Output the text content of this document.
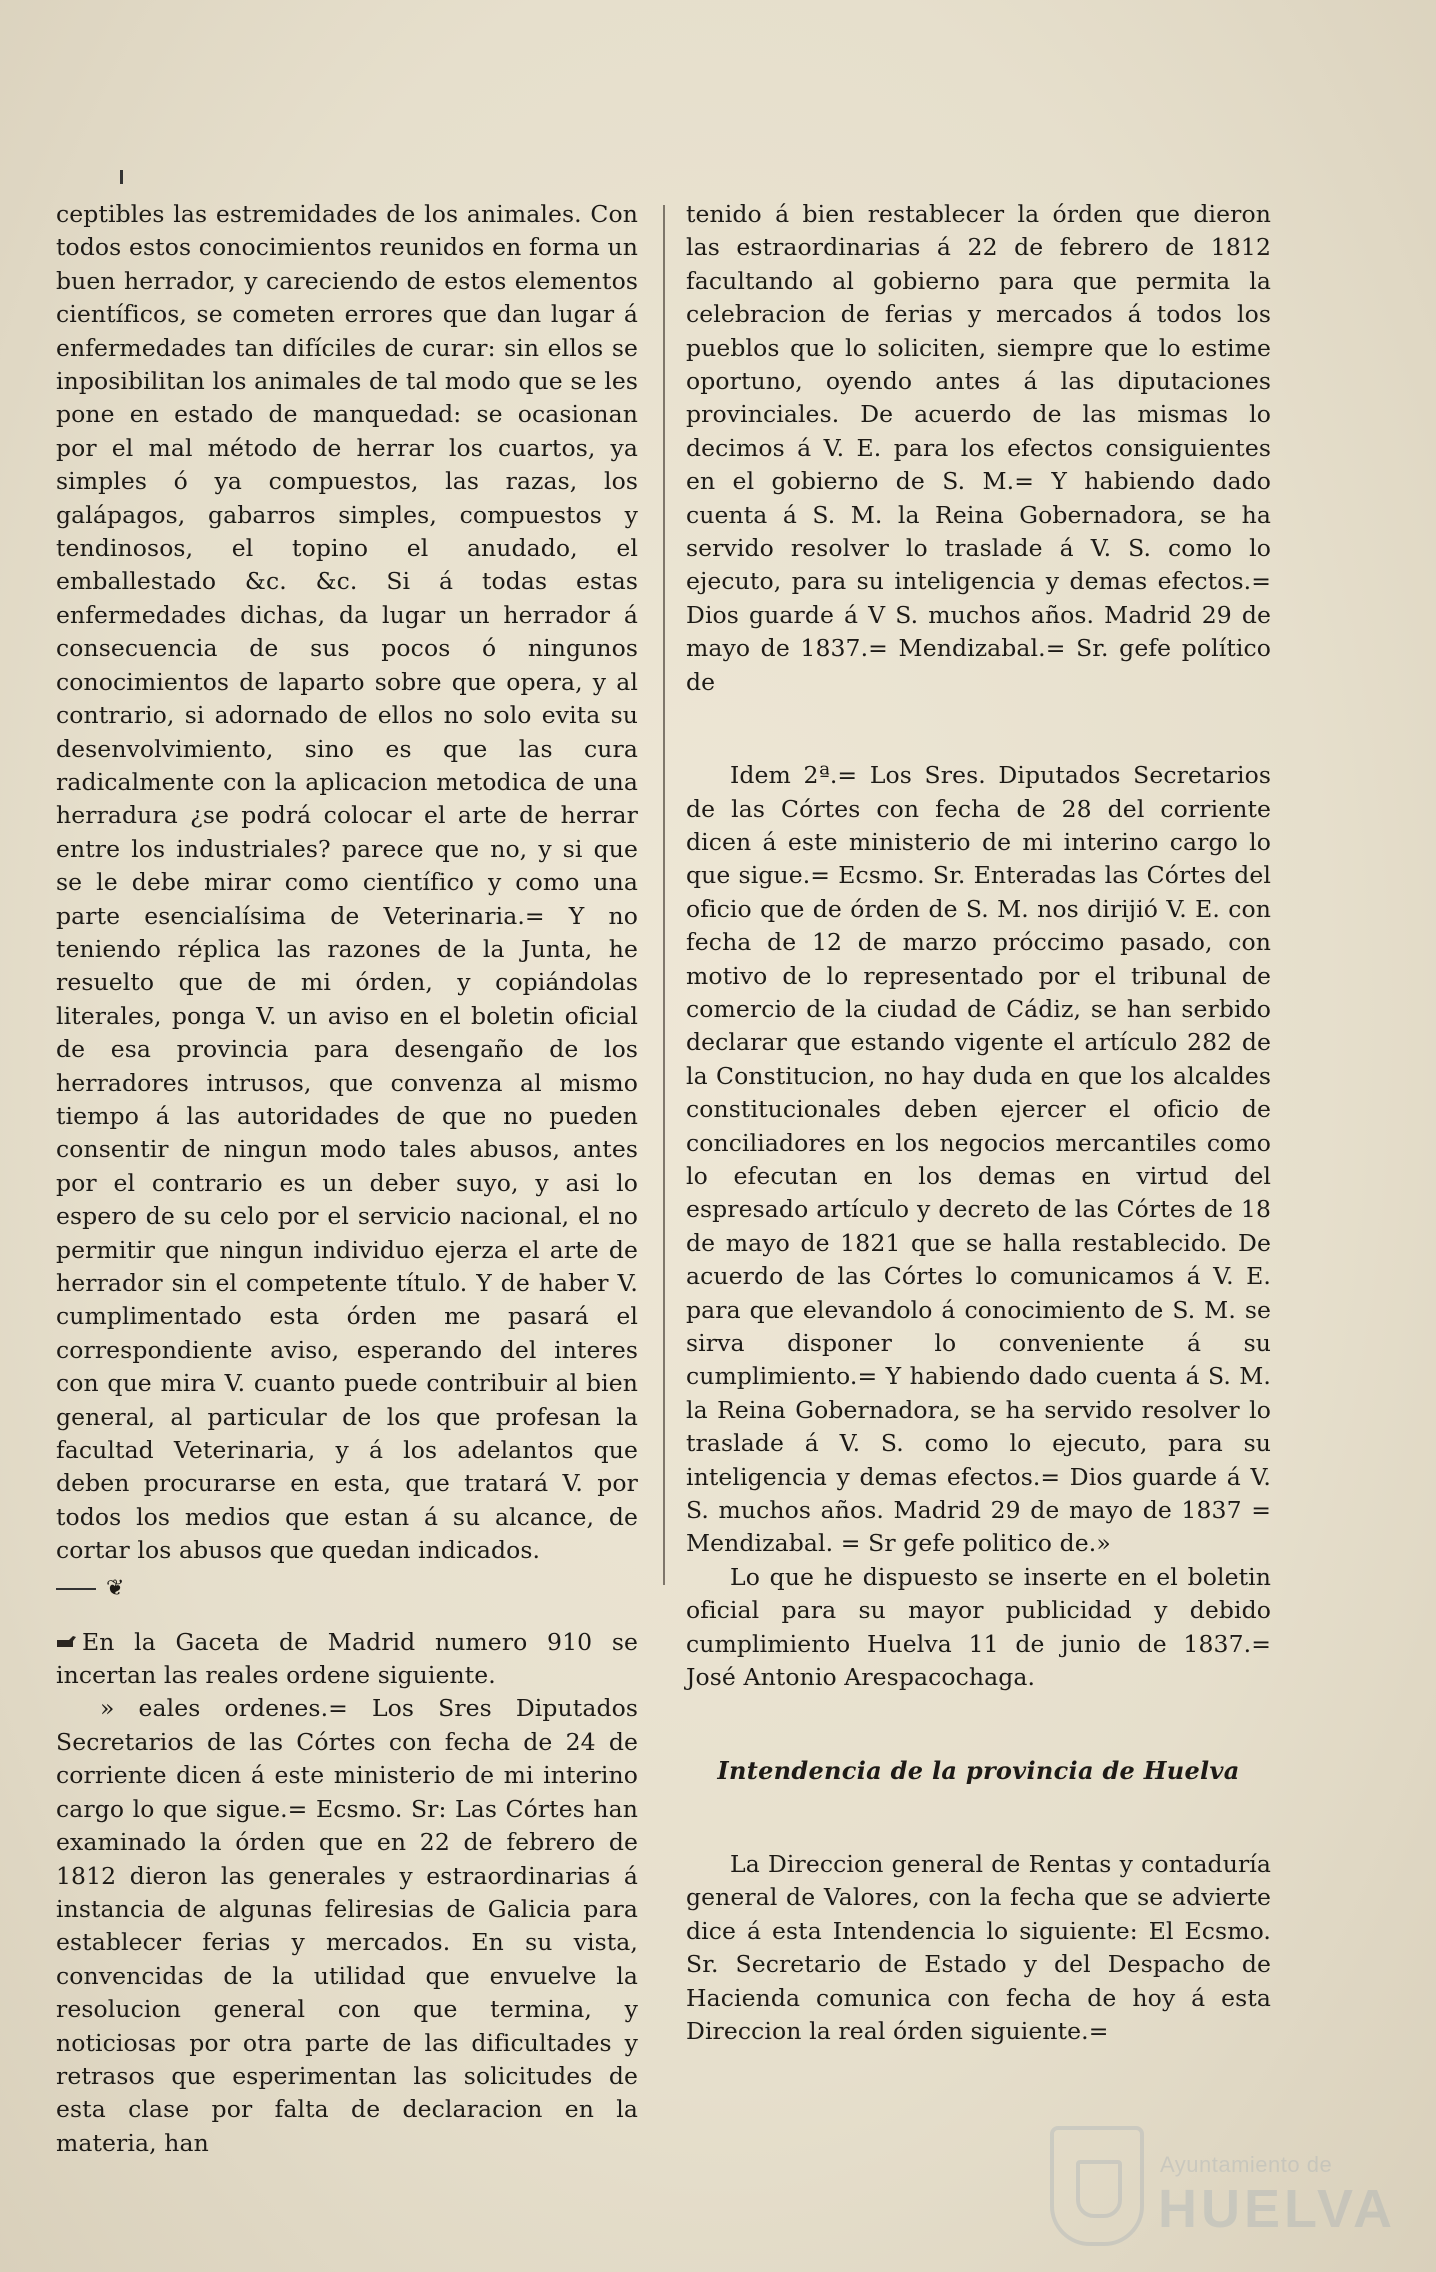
ceptibles las estremidades de los animales. Con todos estos conocimientos reunidos en forma un buen herrador, y careciendo de estos elementos científicos, se cometen errores que dan lugar á enfermedades tan difíciles de curar: sin ellos se inposibilitan los animales de tal modo que se les pone en estado de manquedad: se ocasionan por el mal método de herrar los cuartos, ya simples ó ya compuestos, las razas, los galápagos, gabarros simples, compuestos y tendinosos, el topino el anudado, el emballestado &c. &c. Si á todas estas enfermedades dichas, da lugar un herrador á consecuencia de sus pocos ó ningunos conocimientos de laparto sobre que opera, y al contrario, si adornado de ellos no solo evita su desenvolvimiento, sino es que las cura radicalmente con la aplicacion metodica de una herradura ¿se podrá colocar el arte de herrar entre los industriales? parece que no, y si que se le debe mirar como científico y como una parte esencialísima de Veterinaria.= Y no teniendo réplica las razones de la Junta, he resuelto que de mi órden, y copiándolas literales, ponga V. un aviso en el boletin oficial de esa provincia para desengaño de los herradores intrusos, que convenza al mismo tiempo á las autoridades de que no pueden consentir de ningun modo tales abusos, antes por el contrario es un deber suyo, y asi lo espero de su celo por el servicio nacional, el no permitir que ningun individuo ejerza el arte de herrador sin el competente título. Y de haber V. cumplimentado esta órden me pasará el correspondiente aviso, esperando del interes con que mira V. cuanto puede contribuir al bien general, al particular de los que profesan la facultad Veterinaria, y á los adelantos que deben procurarse en esta, que tratará V. por todos los medios que estan á su alcance, de cortar los abusos que quedan indicados.

❦

En la Gaceta de Madrid numero 910 se incertan las reales ordene siguiente.

» eales ordenes.= Los Sres Diputados Secretarios de las Córtes con fecha de 24 de corriente dicen á este ministerio de mi interino cargo lo que sigue.= Ecsmo. Sr: Las Córtes han examinado la órden que en 22 de febrero de 1812 dieron las generales y estraordinarias á instancia de algunas feliresias de Galicia para establecer ferias y mercados. En su vista, convencidas de la utilidad que envuelve la resolucion general con que termina, y noticiosas por otra parte de las dificultades y retrasos que esperimentan las solicitudes de esta clase por falta de declaracion en la materia, han

tenido á bien restablecer la órden que dieron las estraordinarias á 22 de febrero de 1812 facultando al gobierno para que permita la celebracion de ferias y mercados á todos los pueblos que lo soliciten, siempre que lo estime oportuno, oyendo antes á las diputaciones provinciales. De acuerdo de las mismas lo decimos á V. E. para los efectos consiguientes en el gobierno de S. M.= Y habiendo dado cuenta á S. M. la Reina Gobernadora, se ha servido resolver lo traslade á V. S. como lo ejecuto, para su inteligencia y demas efectos.= Dios guarde á V S. muchos años. Madrid 29 de mayo de 1837.= Mendizabal.= Sr. gefe político de

Idem 2ª.= Los Sres. Diputados Secretarios de las Córtes con fecha de 28 del corriente dicen á este ministerio de mi interino cargo lo que sigue.= Ecsmo. Sr. Enteradas las Córtes del oficio que de órden de S. M. nos dirijió V. E. con fecha de 12 de marzo próccimo pasado, con motivo de lo representado por el tribunal de comercio de la ciudad de Cádiz, se han serbido declarar que estando vigente el artículo 282 de la Constitucion, no hay duda en que los alcaldes constitucionales deben ejercer el oficio de conciliadores en los negocios mercantiles como lo efecutan en los demas en virtud del espresado artículo y decreto de las Córtes de 18 de mayo de 1821 que se halla restablecido. De acuerdo de las Córtes lo comunicamos á V. E. para que elevandolo á conocimiento de S. M. se sirva disponer lo conveniente á su cumplimiento.= Y habiendo dado cuenta á S. M. la Reina Gobernadora, se ha servido resolver lo traslade á V. S. como lo ejecuto, para su inteligencia y demas efectos.= Dios guarde á V. S. muchos años. Madrid 29 de mayo de 1837 = Mendizabal. = Sr gefe politico de.»

Lo que he dispuesto se inserte en el boletin oficial para su mayor publicidad y debido cumplimiento Huelva 11 de junio de 1837.= José Antonio Arespacochaga.

Intendencia de la provincia de Huelva

La Direccion general de Rentas y contaduría general de Valores, con la fecha que se advierte dice á esta Intendencia lo siguiente: El Ecsmo. Sr. Secretario de Estado y del Despacho de Hacienda comunica con fecha de hoy á esta Direccion la real órden siguiente.=

Ayuntamiento de
HUELVA
